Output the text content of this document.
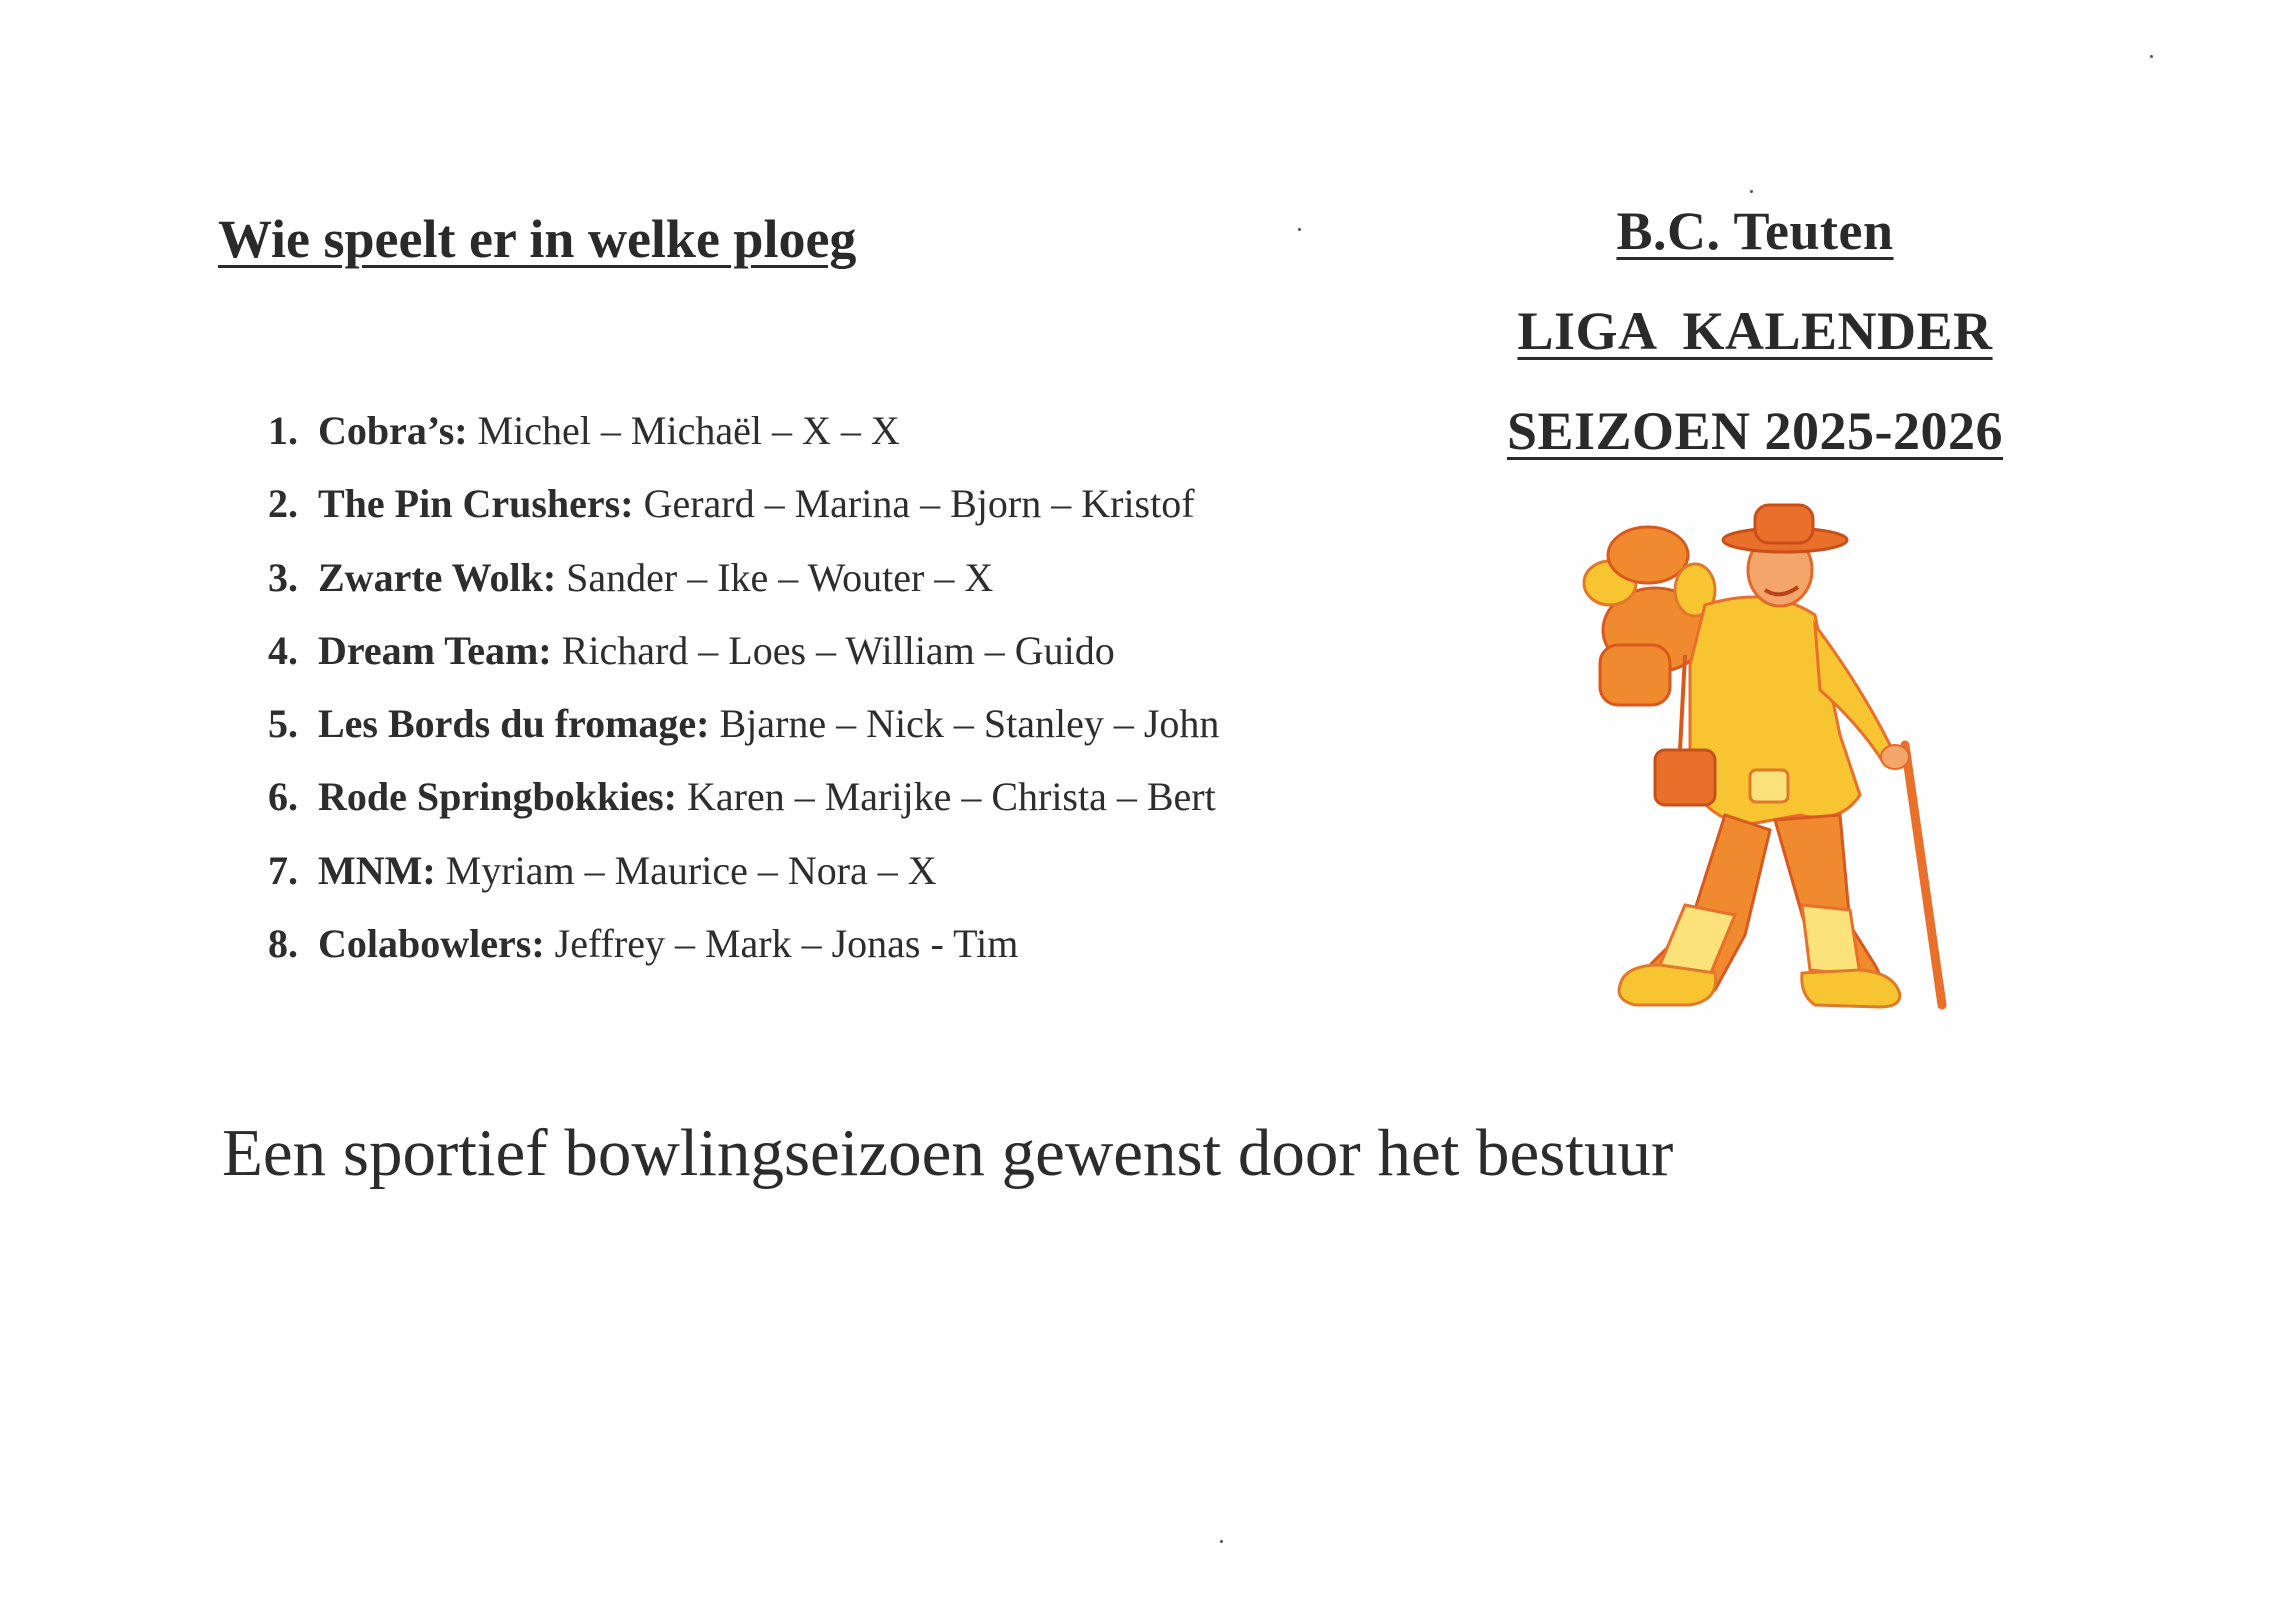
Wie speelt er in welke ploeg
1. Cobra’s: Michel – Michaël – X – X
2. The Pin Crushers: Gerard – Marina – Bjorn – Kristof
3. Zwarte Wolk: Sander – Ike – Wouter – X
4. Dream Team: Richard – Loes – William – Guido
5. Les Bords du fromage: Bjarne – Nick – Stanley – John
6. Rode Springbokkies: Karen – Marijke – Christa – Bert
7. MNM: Myriam – Maurice – Nora – X
8. Colabowlers: Jeffrey – Mark – Jonas - Tim
B.C. Teuten
LIGA  KALENDER
SEIZOEN 2025-2026
Een sportief bowlingseizoen gewenst door het bestuur
